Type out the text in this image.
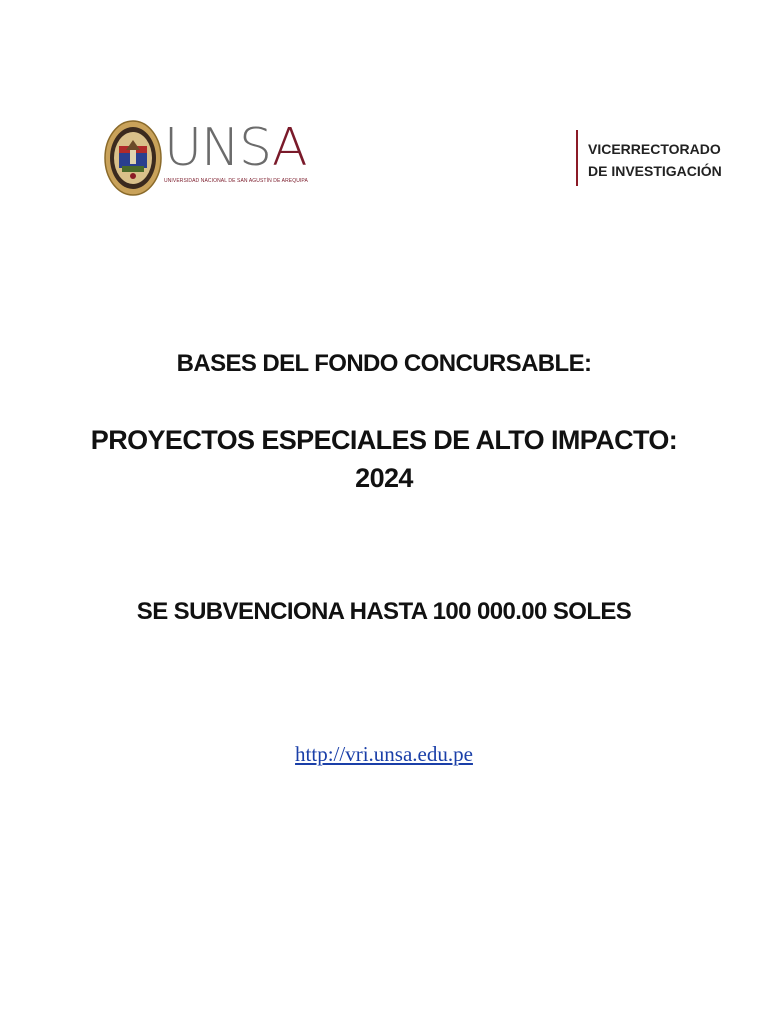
UNSA
UNIVERSIDAD NACIONAL DE SAN AGUSTÍN DE AREQUIPA
VICERRECTORADO
DE INVESTIGACIÓN
BASES DEL FONDO CONCURSABLE:
PROYECTOS ESPECIALES DE ALTO IMPACTO:
2024
SE SUBVENCIONA HASTA 100 000.00 SOLES
http://vri.unsa.edu.pe
